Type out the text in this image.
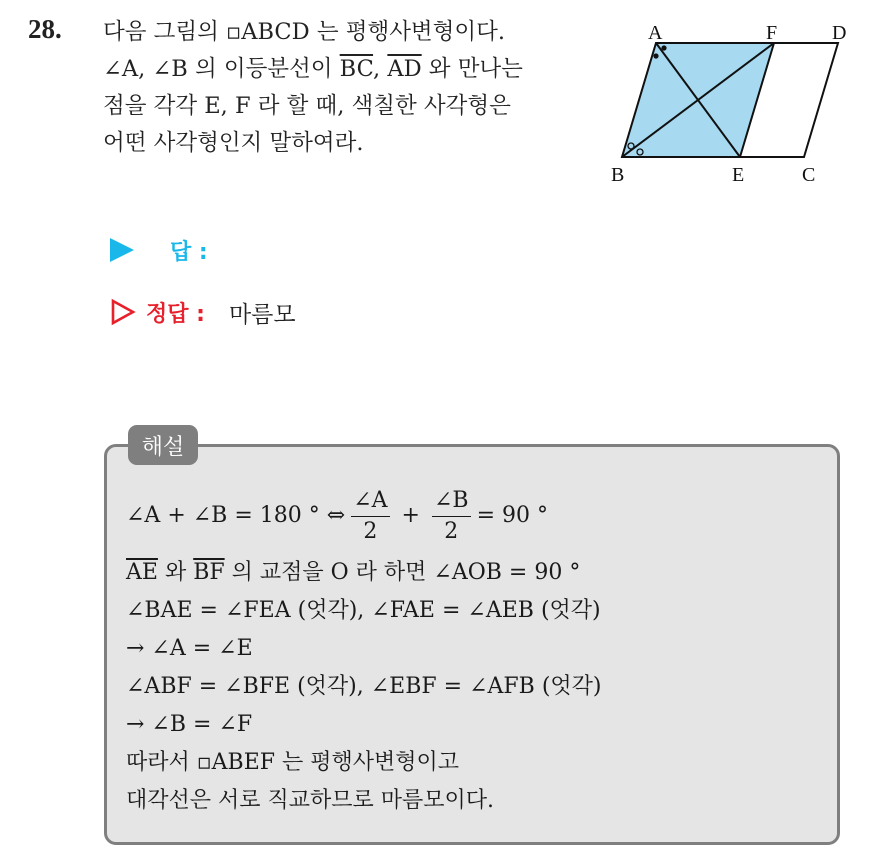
28. 다음 그림의 ▫ABCD 는 평행사변형이다.
∠A, ∠B 의 이등분선이 $\overline{BC}$, $\overline{AD}$ 와 만나는
점을 각각 E, F 라 할 때, 색칠한 사각형은
어떤 사각형인지 말하여라.
A	F	D
B	E	C
답 :
정답 : 마름모
해설
∠A + ∠B = 180 ° ⇔ $\frac{\angle A}{2} + \frac{\angle B}{2} = 90$ °
$\overline{AE}$ 와 $\overline{BF}$ 의 교점을 O 라 하면 ∠AOB = 90 °
∠BAE = ∠FEA (엇각), ∠FAE = ∠AEB (엇각)
→ ∠A = ∠E
∠ABF = ∠BFE (엇각), ∠EBF = ∠AFB (엇각)
→ ∠B = ∠F
따라서 ▫ABEF 는 평행사변형이고
대각선은 서로 직교하므로 마름모이다.
